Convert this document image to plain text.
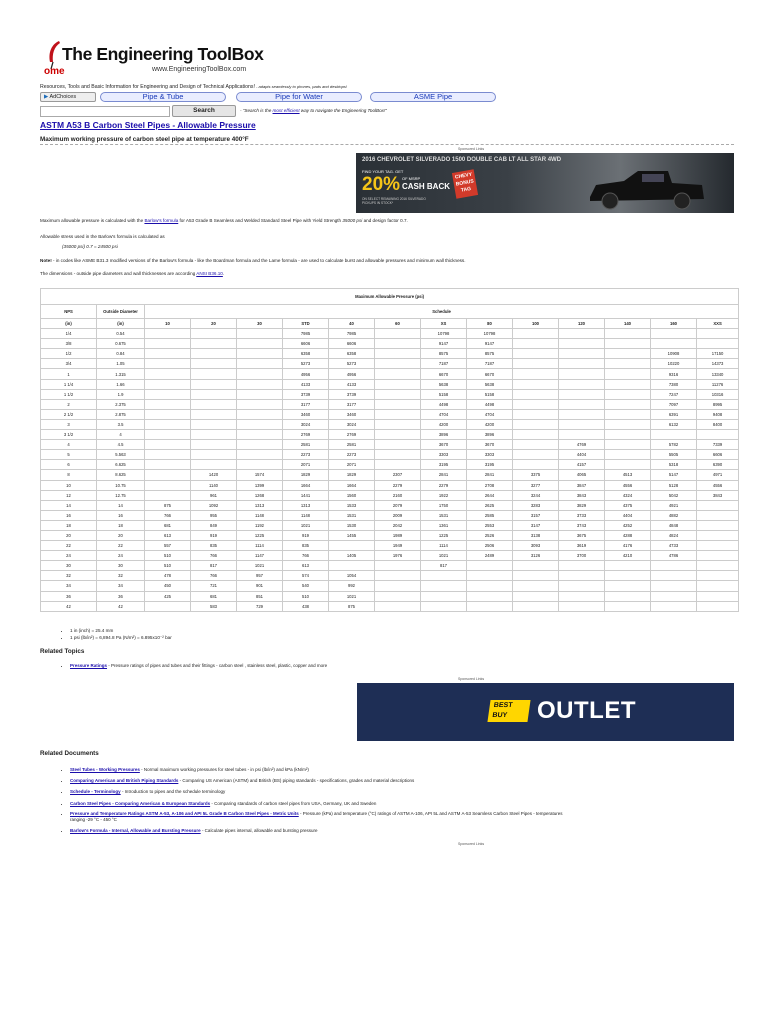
The Engineering ToolBox
ome	www.EngineeringToolBox.com
Resources, Tools and Basic Information for Engineering and Design of Technical Applications! - adapts seamlessly to phones, pads and desktops!
▶ AdChoices	Pipe & Tube	Pipe for Water	ASME Pipe
Search	- "Search is the most efficient way to navigate the Engineering ToolBox!"
ASTM A53 B Carbon Steel Pipes - Allowable Pressure
Maximum working pressure of carbon steel pipe at temperature 400°F
Sponsored Links
2016 CHEVROLET SILVERADO 1500 DOUBLE CAB LT ALL STAR 4WD
FIND YOUR TAG. GET
20% OF MSRP
CASH BACK
ON SELECT REMAINING 2016 SILVERADO PICKUPS IN STOCK*
CHEVY
BONUS
TAG
Maximum allowable pressure is calculated with the Barlow's formula for A53 Grade B Seamless and Welded Standard Steel Pipe with Yield Strength 35000 psi and design factor 0.7.
Allowable stress used in the Barlow's formula is calculated as
(35000 psi) 0.7 = 24500 psi
Note! - in codes like ASME B31.3 modified versions of the Barlow's formula - like the Boardman formula and the Lame formula - are used to calculate burst and allowable pressures and minimum wall thickness.
The dimensions - outside pipe diameters and wall thicknesses are according ANSI B36.10.
Maximum Allowable Pressure (psi)														
NPS	Outside Diameter	Schedule												
(in)	(in)	10	20	30	STD	40	60	XS	80	100	120	140	160	XXS
1/4	0.54				7985	7985		10798	10798					
3/8	0.675				6606	6606		9147	9147					
1/2	0.84				6358	6358		8575	8575				10908	17150
3/4	1.05				5273	5273		7187	7187				10220	14373
1	1.315				4956	4956		6670	6670				9316	13340
1 1/4	1.66				4133	4133		5638	5638				7380	11276
1 1/2	1.9				3739	3739		5158	5158				7247	10316
2	2.375				3177	3177		4498	4498				7097	8995
2 1/2	2.875				3460	3460		4704	4704				6391	9408
3	3.5				3024	3024		4200	4200				6132	8400
3 1/2	4				2769	2769		3896	3896					
4	4.5				2581	2581		3670	3670		4769		5782	7339
5	5.563				2273	2273		3303	3303		4404		5505	6606
6	6.625				2071	2071		3195	3195		4157		5318	6390
8	8.625		1420	1574	1829	1829	2307	2841	2841	3375	4065	4513	5147	4971
10	10.75		1140	1399	1664	1664	2279	2279	2708	3277	3847	4556	5128	4556
12	12.75		961	1268	1441	1560	2160	1922	2644	3244	3843	4324	5042	3843
14	14	875	1092	1313	1313	1533	2079	1750	2625	3283	3829	4375	4921	
16	16	766	955	1148	1148	1531	2009	1531	2585	3157	3733	4404	4882	
18	18	681	849	1192	1021	1530	2042	1361	2553	3147	3743	4252	4848	
20	20	613	919	1225	919	1455	1989	1225	2526	3138	3675	4288	4824	
22	22	557	835	1114	835		1949	1114	2506	3093	3619	4176	4733	
24	24	510	766	1147	766	1405	1976	1021	2489	3126	3700	4210	4786	
30	30	510	817	1021	613			817						
32	32	478	766	957	574	1054								
34	34	450	721	901	540	992								
36	36	425	681	851	510	1021								
42	42		583	729	438	875								
• 1 in (inch) = 25.4 mm
• 1 psi (lb/in²) = 6,894.8 Pa (N/m²) = 6.895x10⁻² bar
Related Topics
• Pressure Ratings - Pressure ratings of pipes and tubes and their fittings - carbon steel , stainless steel, plastic, copper and more
Sponsored Links
BEST
BUY	OUTLET
Related Documents
• Steel Tubes - Working Pressures - Normal maximum working pressures for steel tubes - in psi (lb/in²) and kPa (kN/m²)
• Comparing American and British Piping Standards - Comparing US American (ASTM) and British (BS) piping standards - specifications, grades and material descriptions
• Schedule - Terminology - Introduction to pipes and the schedule terminology
• Carbon Steel Pipes - Comparing American & European Standards - Comparing standards of carbon steel pipes from USA, Germany, UK and Sweden
• Pressure and Temperature Ratings ASTM A-53, A-106 and API 5L Grade B Carbon Steel Pipes - Metric Units - Pressure (kPa) and temperature (°C) ratings of ASTM A-106, API 5L and ASTM A-53 Seamless Carbon Steel Pipes - temperatures
ranging -29 °C - 450 °C
• Barlow's Formula - Internal, Allowable and Bursting Pressure - Calculate pipes internal, allowable and bursting pressure
Sponsored Links
